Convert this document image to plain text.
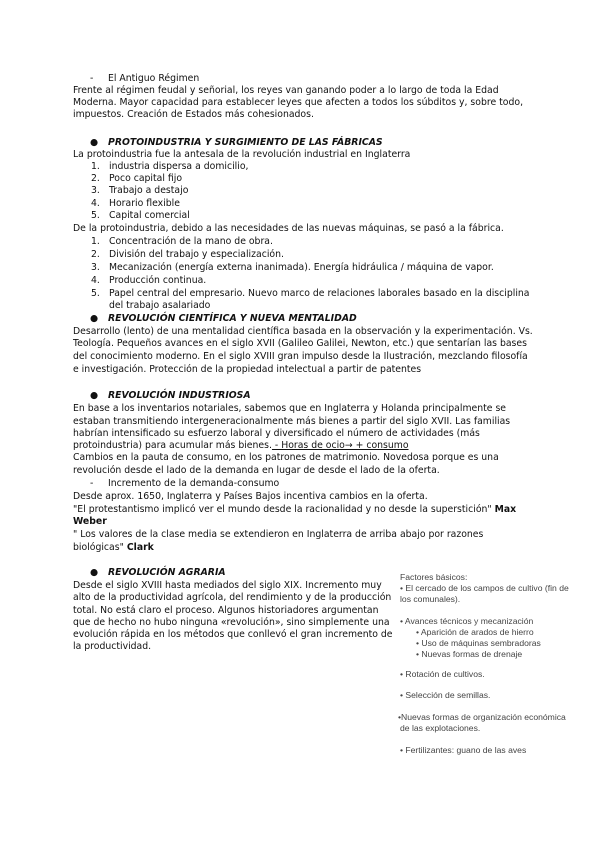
- El Antiguo Régimen
Frente al régimen feudal y señorial, los reyes van ganando poder a lo largo de toda la Edad
Moderna. Mayor capacidad para establecer leyes que afecten a todos los súbditos y, sobre todo,
impuestos. Creación de Estados más cohesionados.
● PROTOINDUSTRIA Y SURGIMIENTO DE LAS FÁBRICAS
La protoindustria fue la antesala de la revolución industrial en Inglaterra
1. industria dispersa a domicilio,
2. Poco capital fijo
3. Trabajo a destajo
4. Horario flexible
5. Capital comercial
De la protoindustria, debido a las necesidades de las nuevas máquinas, se pasó a la fábrica.
1. Concentración de la mano de obra.
2. División del trabajo y especialización.
3. Mecanización (energía externa inanimada). Energía hidráulica / máquina de vapor.
4. Producción continua.
5. Papel central del empresario. Nuevo marco de relaciones laborales basado en la disciplina
del trabajo asalariado
● REVOLUCIÓN CIENTÍFICA Y NUEVA MENTALIDAD
Desarrollo (lento) de una mentalidad científica basada en la observación y la experimentación. Vs.
Teología. Pequeños avances en el siglo XVII (Galileo Galilei, Newton, etc.) que sentarían las bases
del conocimiento moderno. En el siglo XVIII gran impulso desde la Ilustración, mezclando filosofía
e investigación. Protección de la propiedad intelectual a partir de patentes
● REVOLUCIÓN INDUSTRIOSA
En base a los inventarios notariales, sabemos que en Inglaterra y Holanda principalmente se
estaban transmitiendo intergeneracionalmente más bienes a partir del siglo XVII. Las familias
habrían intensificado su esfuerzo laboral y diversificado el número de actividades (más
protoindustria) para acumular más bienes. - Horas de ocio→ + consumo
Cambios en la pauta de consumo, en los patrones de matrimonio. Novedosa porque es una
revolución desde el lado de la demanda en lugar de desde el lado de la oferta.
- Incremento de la demanda-consumo
Desde aprox. 1650, Inglaterra y Países Bajos incentiva cambios en la oferta.
"El protestantismo implicó ver el mundo desde la racionalidad y no desde la superstición" Max
Weber
" Los valores de la clase media se extendieron en Inglaterra de arriba abajo por razones
biológicas" Clark
● REVOLUCIÓN AGRARIA
Desde el siglo XVIII hasta mediados del siglo XIX. Incremento muy
alto de la productividad agrícola, del rendimiento y de la producción
total. No está claro el proceso. Algunos historiadores argumentan
que de hecho no hubo ninguna «revolución», sino simplemente una
evolución rápida en los métodos que conllevó el gran incremento de
la productividad.
Factores básicos:
• El cercado de los campos de cultivo (fin de
los comunales).
• Avances técnicos y mecanización
• Aparición de arados de hierro
• Uso de máquinas sembradoras
• Nuevas formas de drenaje
• Rotación de cultivos.
• Selección de semillas.
•Nuevas formas de organización económica
de las explotaciones.
• Fertilizantes: guano de las aves
